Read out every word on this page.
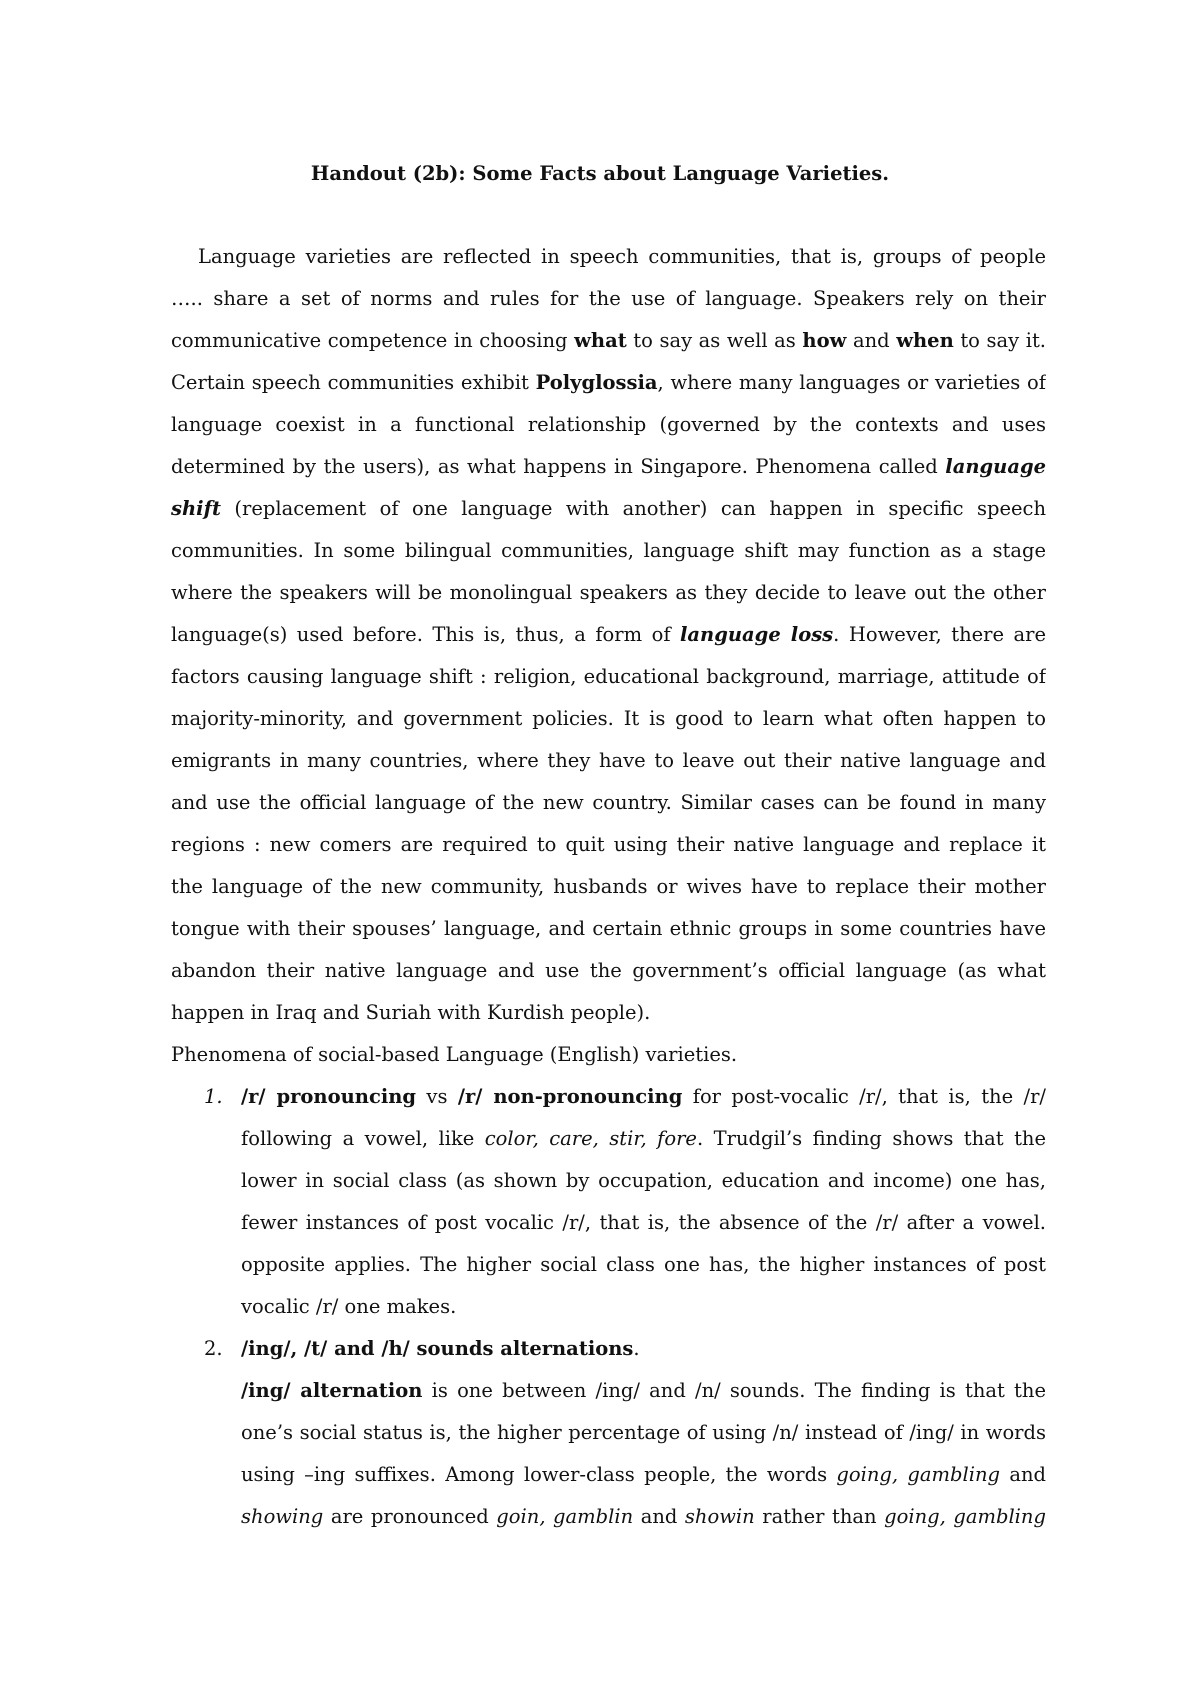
Handout (2b): Some Facts about Language Varieties.
Language varieties are reflected in speech communities, that is, groups of people
….. share a set of norms and rules for the use of language. Speakers rely on their
communicative competence in choosing what to say as well as how and when to say it.
Certain speech communities exhibit Polyglossia, where many languages or varieties of
language coexist in a functional relationship (governed by the contexts and uses
determined by the users), as what happens in Singapore. Phenomena called language
shift (replacement of one language with another) can happen in specific speech
communities. In some bilingual communities, language shift may function as a stage
where the speakers will be monolingual speakers as they decide to leave out the other
language(s) used before. This is, thus, a form of language loss. However, there are
factors causing language shift : religion, educational background, marriage, attitude of
majority-minority, and government policies. It is good to learn what often happen to
emigrants in many countries, where they have to leave out their native language and
and use the official language of the new country. Similar cases can be found in many
regions : new comers are required to quit using their native language and replace it
the language of the new community, husbands or wives have to replace their mother
tongue with their spouses’ language, and certain ethnic groups in some countries have
abandon their native language and use the government’s official language (as what
happen in Iraq and Suriah with Kurdish people).
Phenomena of social-based Language (English) varieties.
1. /r/ pronouncing vs /r/ non-pronouncing for post-vocalic /r/, that is, the /r/
following a vowel, like color, care, stir, fore. Trudgil’s finding shows that the
lower in social class (as shown by occupation, education and income) one has,
fewer instances of post vocalic /r/, that is, the absence of the /r/ after a vowel.
opposite applies. The higher social class one has, the higher instances of post
vocalic /r/ one makes.
2. /ing/, /t/ and /h/ sounds alternations.
/ing/ alternation is one between /ing/ and /n/ sounds. The finding is that the
one’s social status is, the higher percentage of using /n/ instead of /ing/ in words
using –ing suffixes. Among lower-class people, the words going, gambling and
showing are pronounced goin, gamblin and showin rather than going, gambling
